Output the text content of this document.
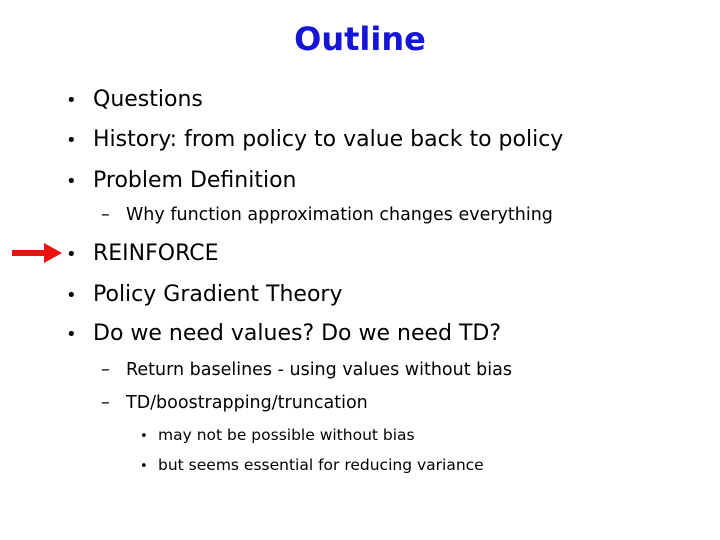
Outline
• Questions
• History: from policy to value back to policy
• Problem Definition
– Why function approximation changes everything
• REINFORCE
• Policy Gradient Theory
• Do we need values? Do we need TD?
– Return baselines - using values without bias
– TD/boostrapping/truncation
• may not be possible without bias
• but seems essential for reducing variance
